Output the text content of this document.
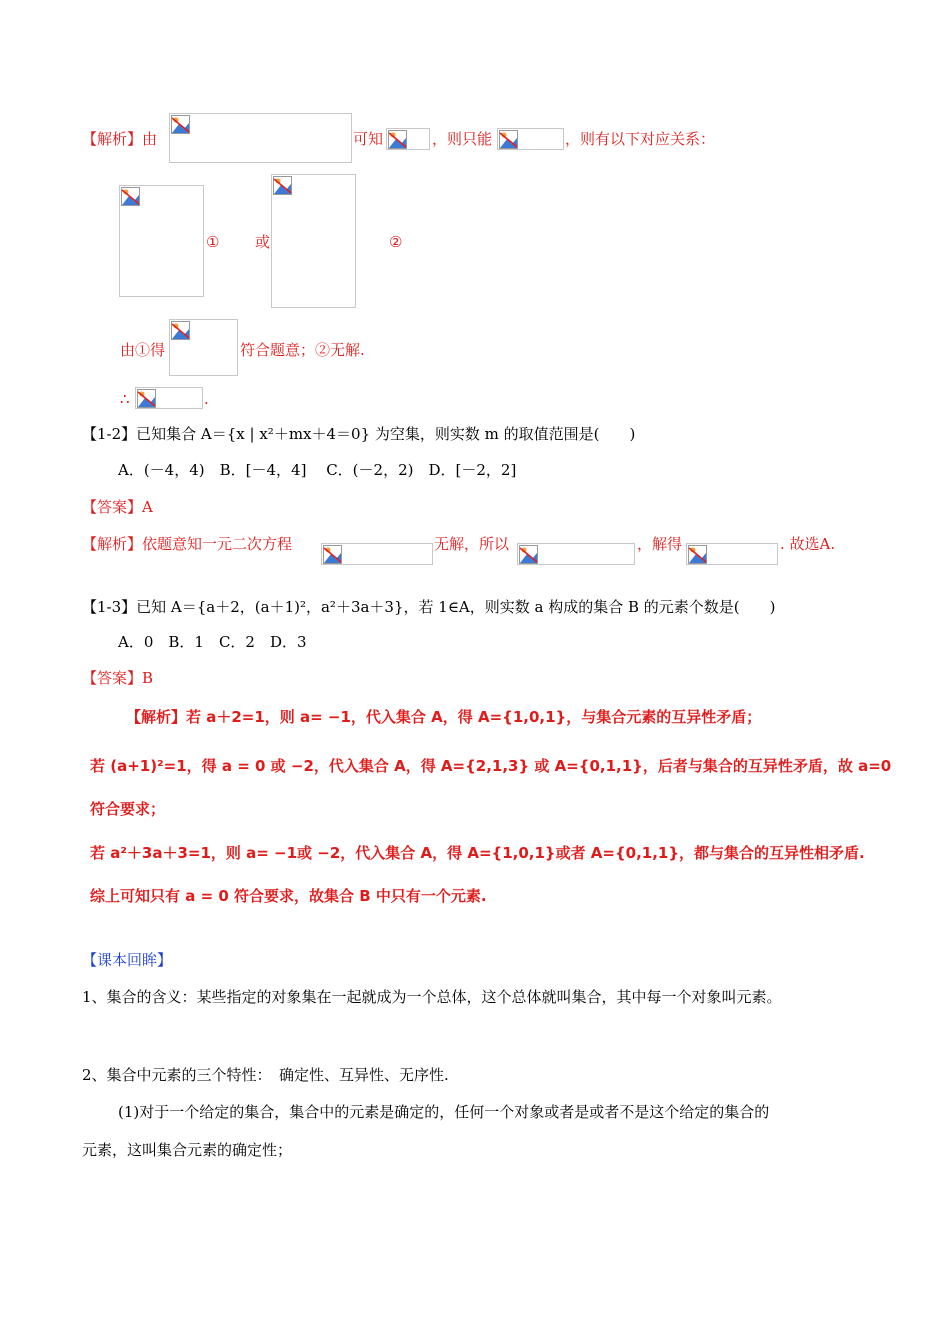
【解析】由	可知	，则只能	，则有以下对应关系：
① 或	②
由①得	符合题意；②无解.
∴	.
【1-2】已知集合 A＝{x | x²＋mx＋4＝0} 为空集，则实数 m 的取值范围是(　　)
A．(－4，4)　B．[－4，4]　 C．(－2，2)　D．[－2，2]
【答案】A
【解析】依题意知一元二次方程	无解，所以	，解得	. 故选A.
【1-3】已知 A＝{a＋2，(a＋1)²，a²＋3a＋3}，若 1∈A，则实数 a 构成的集合 B 的元素个数是(　　)
A．0　B．1　C．2　D．3
【答案】B
【解析】若 a＋2=1，则 a= −1，代入集合 A，得 A={1,0,1}，与集合元素的互异性矛盾；
若 (a+1)²=1，得 a = 0 或 −2，代入集合 A，得 A={2,1,3} 或 A={0,1,1}，后者与集合的互异性矛盾，故 a=0
符合要求；
若 a²＋3a＋3=1，则 a= −1或 −2，代入集合 A，得 A={1,0,1}或者 A={0,1,1}，都与集合的互异性相矛盾.
综上可知只有 a = 0 符合要求，故集合 B 中只有一个元素.
【课本回眸】
1、集合的含义：某些指定的对象集在一起就成为一个总体，这个总体就叫集合，其中每一个对象叫元素。
2、集合中元素的三个特性：　确定性、互异性、无序性.
(1)对于一个给定的集合，集合中的元素是确定的，任何一个对象或者是或者不是这个给定的集合的
元素，这叫集合元素的确定性；
